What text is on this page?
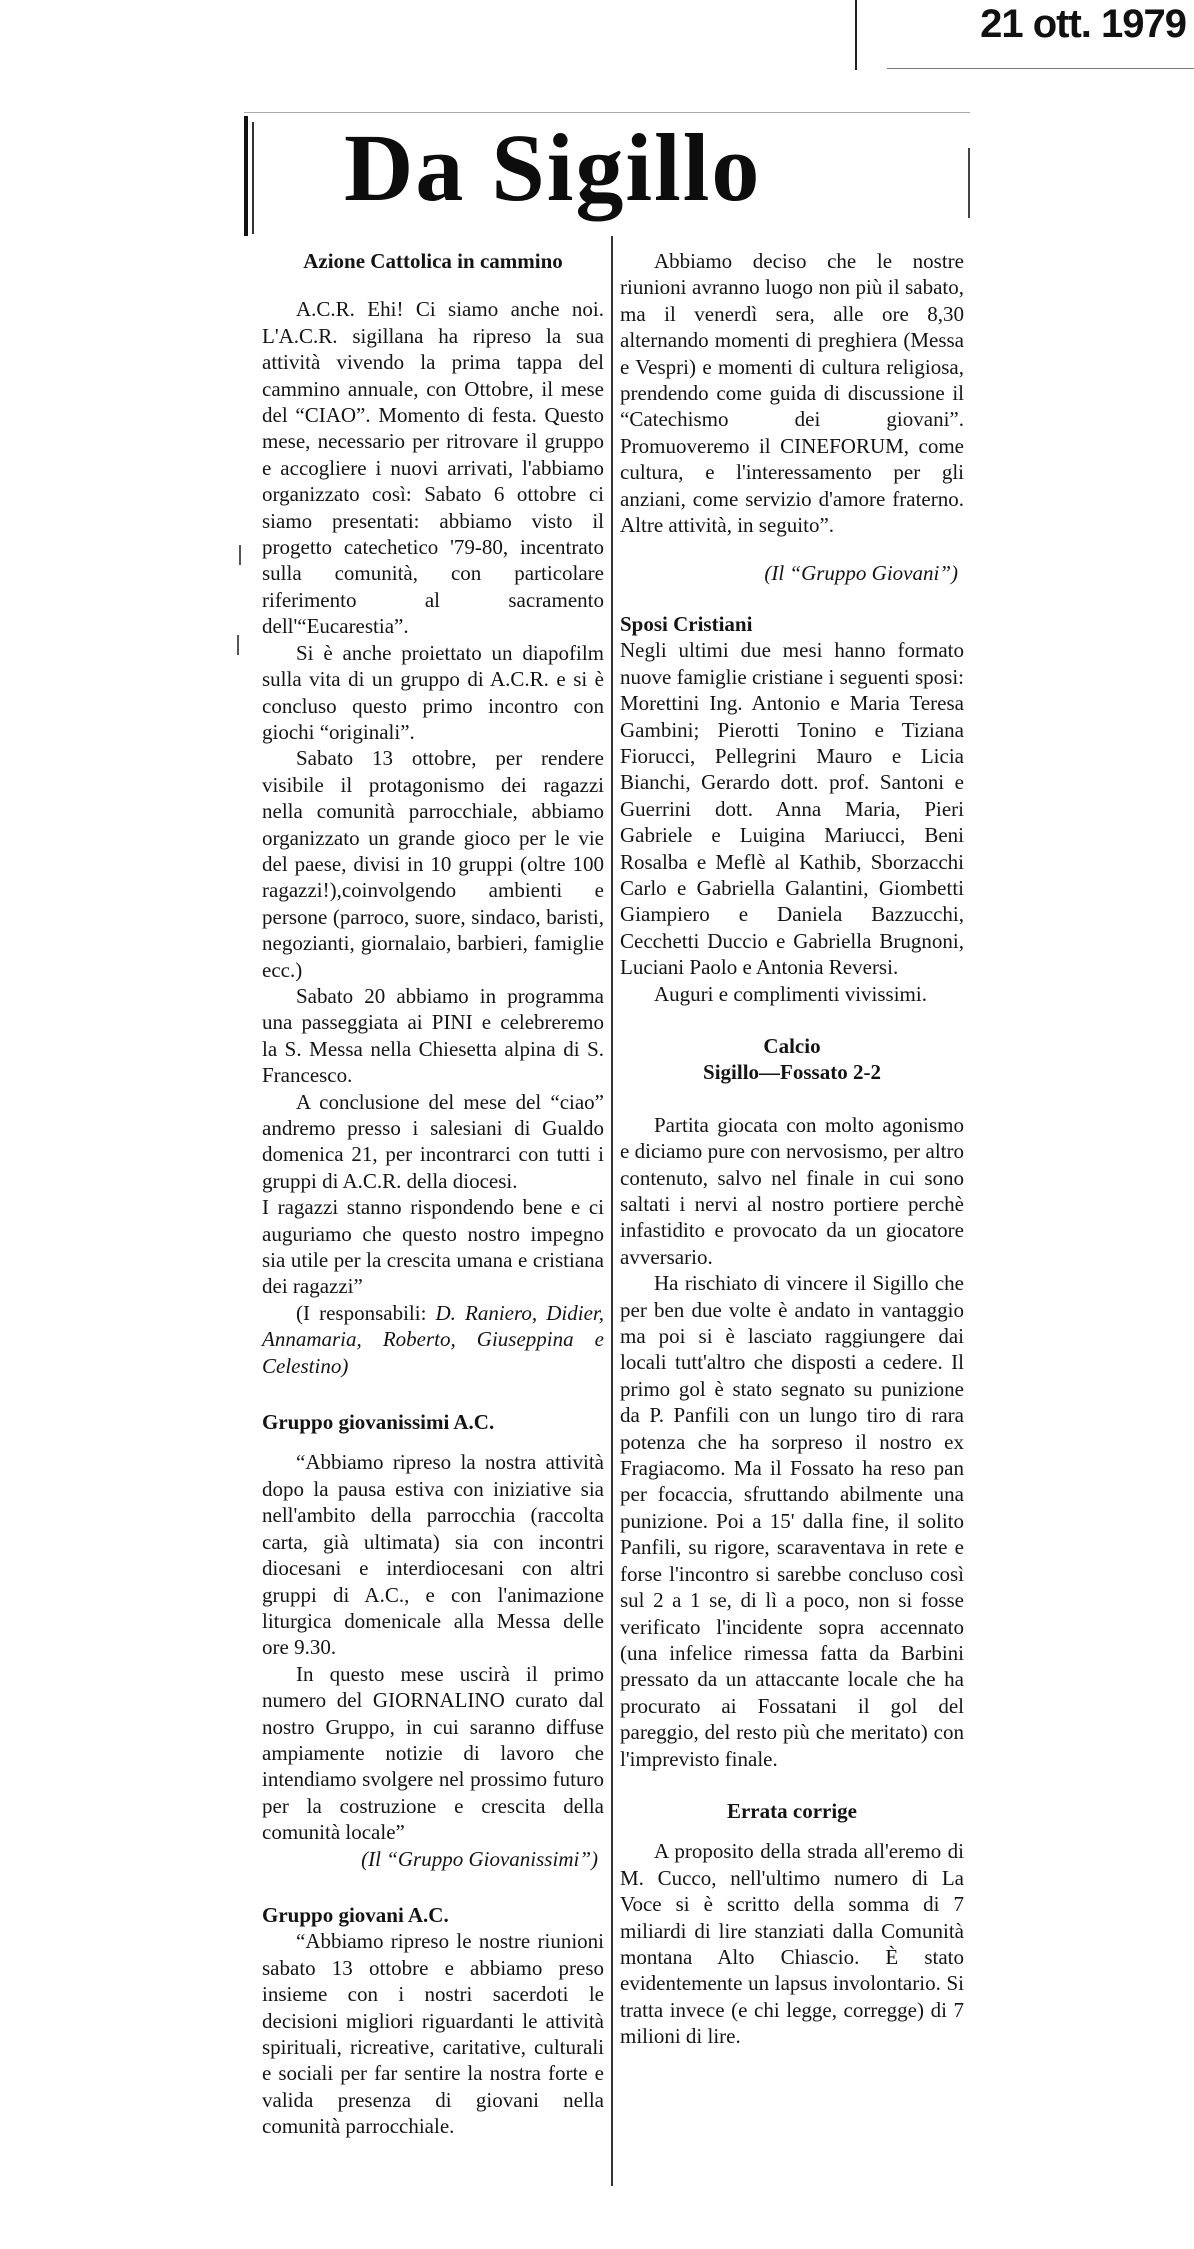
21 ott. 1979
Da Sigillo

Azione Cattolica in cammino

A.C.R. Ehi! Ci siamo anche noi. L'A.C.R. sigillana ha ripreso la sua attività vivendo la prima tappa del cammino annuale, con Ottobre, il mese del “CIAO”. Momento di festa. Questo mese, necessario per ritrovare il gruppo e accogliere i nuovi arrivati, l'abbiamo organizzato così: Sabato 6 ottobre ci siamo presentati: abbiamo visto il progetto catechetico '79-80, incentrato sulla comunità, con particolare riferimento al sacramento dell'“Eucarestia”.

Si è anche proiettato un diapofilm sulla vita di un gruppo di A.C.R. e si è concluso questo primo incontro con giochi “originali”.

Sabato 13 ottobre, per rendere visibile il protagonismo dei ragazzi nella comunità parrocchiale, abbiamo organizzato un grande gioco per le vie del paese, divisi in 10 gruppi (oltre 100 ragazzi!),coinvolgendo ambienti e persone (parroco, suore, sindaco, baristi, negozianti, giornalaio, barbieri, famiglie ecc.)

Sabato 20 abbiamo in programma una passeggiata ai PINI e celebreremo la S. Messa nella Chiesetta alpina di S. Francesco.

A conclusione del mese del “ciao” andremo presso i salesiani di Gualdo domenica 21, per incontrarci con tutti i gruppi di A.C.R. della diocesi.

I ragazzi stanno rispondendo bene e ci auguriamo che questo nostro impegno sia utile per la crescita umana e cristiana dei ragazzi”

(I responsabili: D. Raniero, Didier, Annamaria, Roberto, Giuseppina e Celestino)

Gruppo giovanissimi A.C.

“Abbiamo ripreso la nostra attività dopo la pausa estiva con iniziative sia nell'ambito della parrocchia (raccolta carta, già ultimata) sia con incontri diocesani e interdiocesani con altri gruppi di A.C., e con l'animazione liturgica domenicale alla Messa delle ore 9.30.

In questo mese uscirà il primo numero del GIORNALINO curato dal nostro Gruppo, in cui saranno diffuse ampiamente notizie di lavoro che intendiamo svolgere nel prossimo futuro per la costruzione e crescita della comunità locale”

(Il “Gruppo Giovanissimi”)

Gruppo giovani A.C.

“Abbiamo ripreso le nostre riunioni sabato 13 ottobre e abbiamo preso insieme con i nostri sacerdoti le decisioni migliori riguardanti le attività spirituali, ricreative, caritative, culturali e sociali per far sentire la nostra forte e valida presenza di giovani nella comunità parrocchiale.

Abbiamo deciso che le nostre riunioni avranno luogo non più il sabato, ma il venerdì sera, alle ore 8,30 alternando momenti di preghiera (Messa e Vespri) e momenti di cultura religiosa, prendendo come guida di discussione il “Catechismo dei giovani”. Promuoveremo il CINEFORUM, come cultura, e l'interessamento per gli anziani, come servizio d'amore fraterno. Altre attività, in seguito”.

(Il “Gruppo Giovani”)

Sposi Cristiani

Negli ultimi due mesi hanno formato nuove famiglie cristiane i seguenti sposi: Morettini Ing. Antonio e Maria Teresa Gambini; Pierotti Tonino e Tiziana Fiorucci, Pellegrini Mauro e Licia Bianchi, Gerardo dott. prof. Santoni e Guerrini dott. Anna Maria, Pieri Gabriele e Luigina Mariucci, Beni Rosalba e Meflè al Kathib, Sborzacchi Carlo e Gabriella Galantini, Giombetti Giampiero e Daniela Bazzucchi, Cecchetti Duccio e Gabriella Brugnoni, Luciani Paolo e Antonia Reversi.

Auguri e complimenti vivissimi.

Calcio

Sigillo—Fossato 2-2

Partita giocata con molto agonismo e diciamo pure con nervosismo, per altro contenuto, salvo nel finale in cui sono saltati i nervi al nostro portiere perchè infastidito e provocato da un giocatore avversario.

Ha rischiato di vincere il Sigillo che per ben due volte è andato in vantaggio ma poi si è lasciato raggiungere dai locali tutt'altro che disposti a cedere. Il primo gol è stato segnato su punizione da P. Panfili con un lungo tiro di rara potenza che ha sorpreso il nostro ex Fragiacomo. Ma il Fossato ha reso pan per focaccia, sfruttando abilmente una punizione. Poi a 15' dalla fine, il solito Panfili, su rigore, scaraventava in rete e forse l'incontro si sarebbe concluso così sul 2 a 1 se, di lì a poco, non si fosse verificato l'incidente sopra accennato (una infelice rimessa fatta da Barbini pressato da un attaccante locale che ha procurato ai Fossatani il gol del pareggio, del resto più che meritato) con l'imprevisto finale.

Errata corrige

A proposito della strada all'eremo di M. Cucco, nell'ultimo numero di La Voce si è scritto della somma di 7 miliardi di lire stanziati dalla Comunità montana Alto Chiascio. È stato evidentemente un lapsus involontario. Si tratta invece (e chi legge, corregge) di 7 milioni di lire.
